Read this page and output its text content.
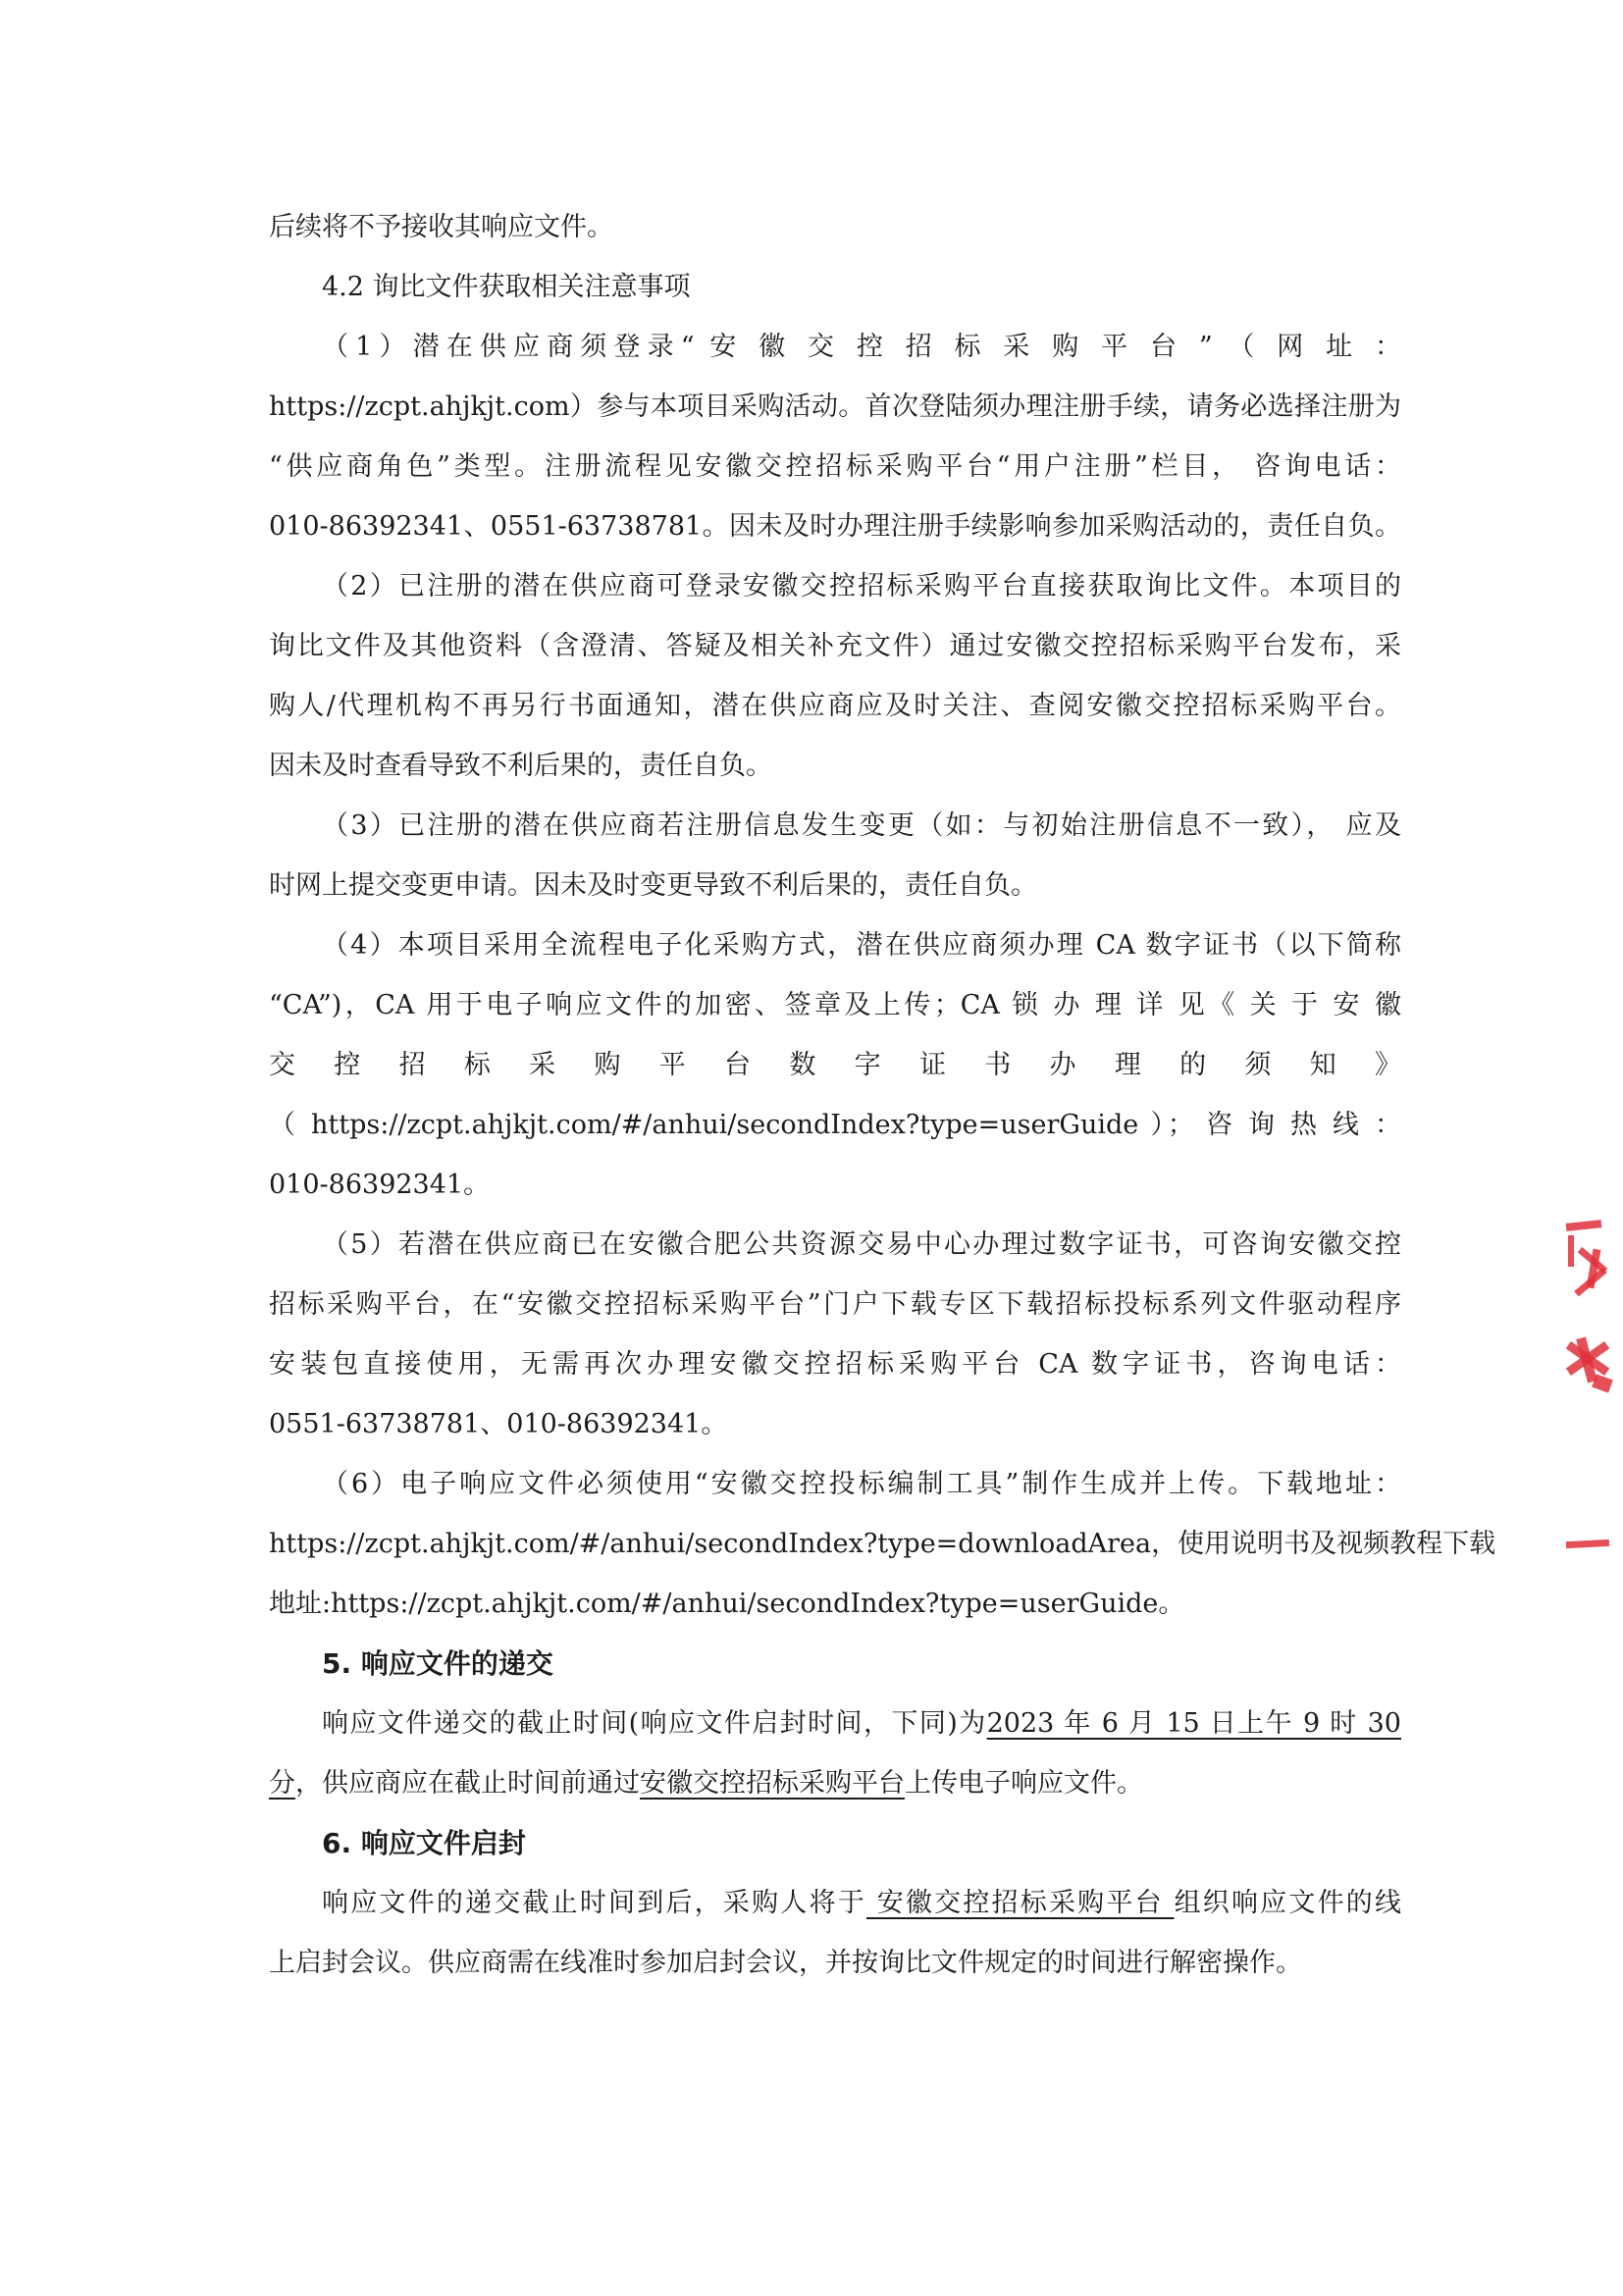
后续将不予接收其响应文件。
4.2 询比文件获取相关注意事项
（1）潜在供应商须登录“ 安 徽 交 控 招 标 采 购 平 台 ” （ 网 址 ：
https://zcpt.ahjkjt.com）参与本项目采购活动。首次登陆须办理注册手续，请务必选择注册为
“供应商角色”类型。注册流程见安徽交控招标采购平台“用户注册”栏目， 咨询电话：
010-86392341、0551-63738781。因未及时办理注册手续影响参加采购活动的，责任自负。
（2）已注册的潜在供应商可登录安徽交控招标采购平台直接获取询比文件。本项目的
询比文件及其他资料（含澄清、答疑及相关补充文件）通过安徽交控招标采购平台发布，采
购人/代理机构不再另行书面通知，潜在供应商应及时关注、查阅安徽交控招标采购平台。
因未及时查看导致不利后果的，责任自负。
（3）已注册的潜在供应商若注册信息发生变更（如：与初始注册信息不一致）， 应及
时网上提交变更申请。因未及时变更导致不利后果的，责任自负。
（4）本项目采用全流程电子化采购方式，潜在供应商须办理 CA 数字证书（以下简称
“CA”)，CA 用于电子响应文件的加密、签章及上传；CA 锁 办 理 详 见《 关 于 安 徽
交 控 招 标 采 购 平 台 数 字 证 书 办 理 的 须 知 》
（ https://zcpt.ahjkjt.com/#/anhui/secondIndex?type=userGuide ）； 咨 询 热 线 ：
010-86392341。
（5）若潜在供应商已在安徽合肥公共资源交易中心办理过数字证书，可咨询安徽交控
招标采购平台，在“安徽交控招标采购平台”门户下载专区下载招标投标系列文件驱动程序
安装包直接使用，无需再次办理安徽交控招标采购平台 CA 数字证书，咨询电话：
0551-63738781、010-86392341。
（6）电子响应文件必须使用“安徽交控投标编制工具”制作生成并上传。下载地址：
https://zcpt.ahjkjt.com/#/anhui/secondIndex?type=downloadArea，使用说明书及视频教程下载
地址:https://zcpt.ahjkjt.com/#/anhui/secondIndex?type=userGuide。
5. 响应文件的递交
响应文件递交的截止时间(响应文件启封时间，下同)为2023 年 6 月 15 日上午 9 时 30
分，供应商应在截止时间前通过安徽交控招标采购平台上传电子响应文件。
6. 响应文件启封
响应文件的递交截止时间到后，采购人将于 安徽交控招标采购平台 组织响应文件的线
上启封会议。供应商需在线准时参加启封会议，并按询比文件规定的时间进行解密操作。
